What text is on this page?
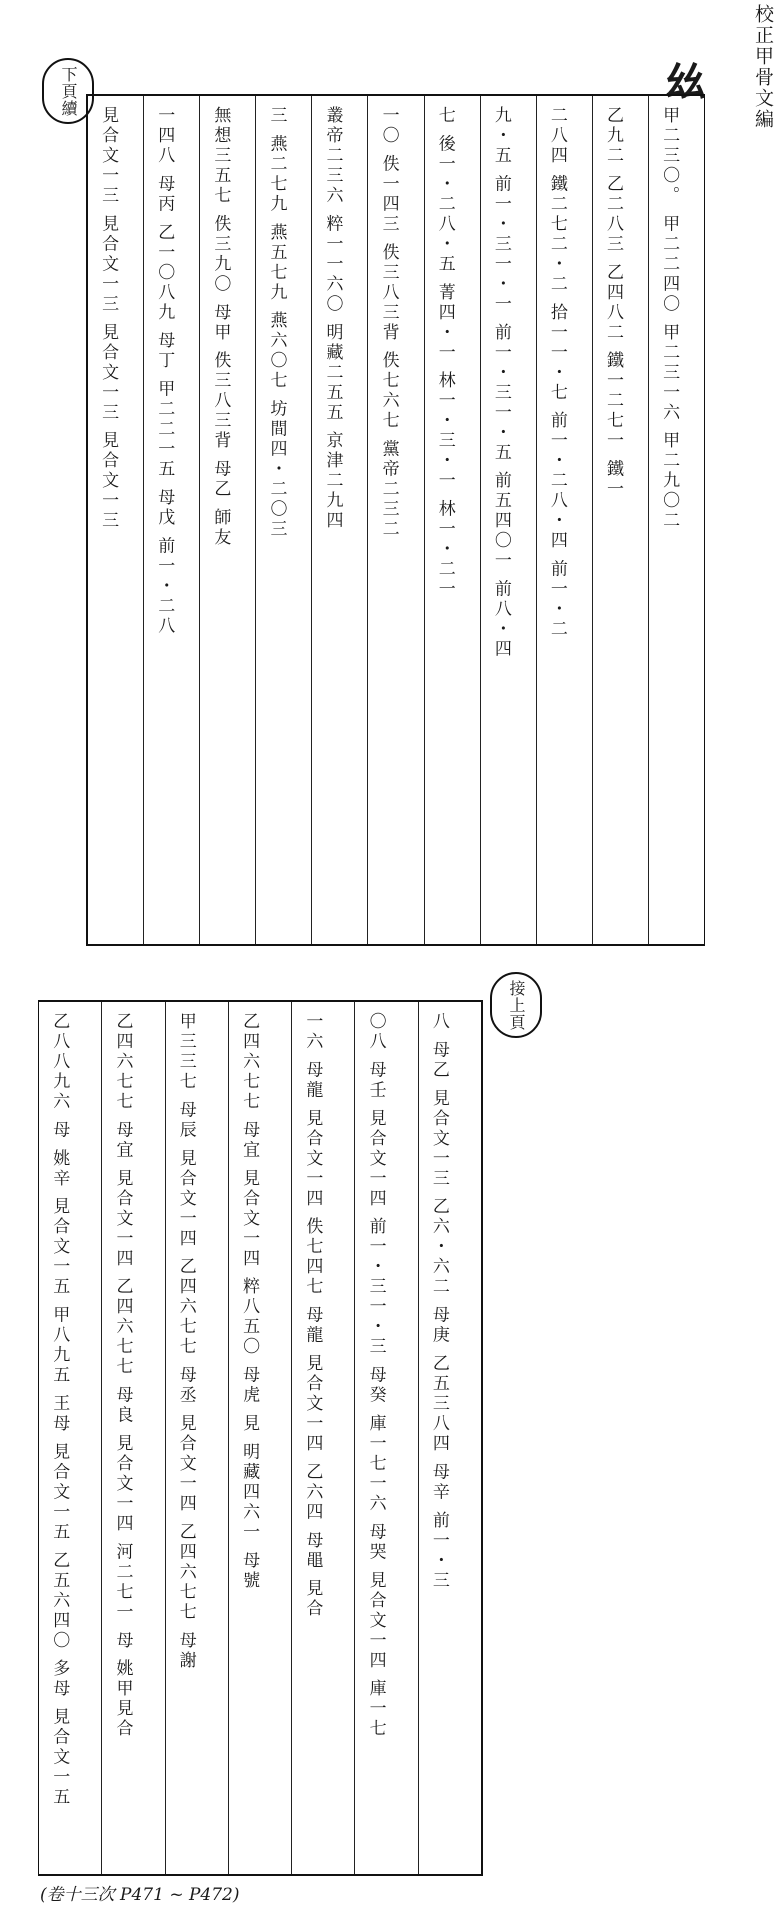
校正甲骨文編
𢆶
下頁續
甲二三〇。 甲二二四〇 甲二三一六 甲二九〇二
乙九二 乙二八三 乙四八二 鐵一二七一 鐵一
二八四 鐵二七二・二 拾一一・七 前一・二八・四 前一・二
九・五 前一・三一・一 前一・三一・五 前五四〇一 前八・四
七 後一・二八・五 菁四・一 林一・三・一 林一・二一
一〇 佚一四三 佚三八三背 佚七六七 黨帝二三二
叢帝二三六 粹一一六〇 明藏二五五 京津二九四
三 燕二七九 燕五七九 燕六〇七 坊間四・二〇三
無想三五七 佚三九〇 母甲 佚三八三背 母乙 師友
一四八 母丙 乙一〇八九 母丁 甲二二一五 母戊 前一・二八
見合文一三 見合文一三 見合文一三 見合文一三
接上頁
八 母乙 見合文一三 乙六・六二 母庚 乙五三八四 母辛 前一・三
〇八 母壬 見合文一四 前一・三一・三 母癸 庫一七一六 母哭 見合文一四 庫一七
一六 母龍 見合文一四 佚七四七 母龍 見合文一四 乙六四 母黽 見合
乙四六七七 母宜 見合文一四 粹八五〇 母虎 見 明藏四六一 母號
甲三三七 母辰 見合文一四 乙四六七七 母丞 見合文一四 乙四六七七 母謝
乙四六七七 母宜 見合文一四 乙四六七七 母良 見合文一四 河二七一 母 姚甲見合
乙八八九六 母 姚辛 見合文一五 甲八九五 王母 見合文一五 乙五六四〇 多母 見合文一五
(卷十三次 P471 ~ P472)
